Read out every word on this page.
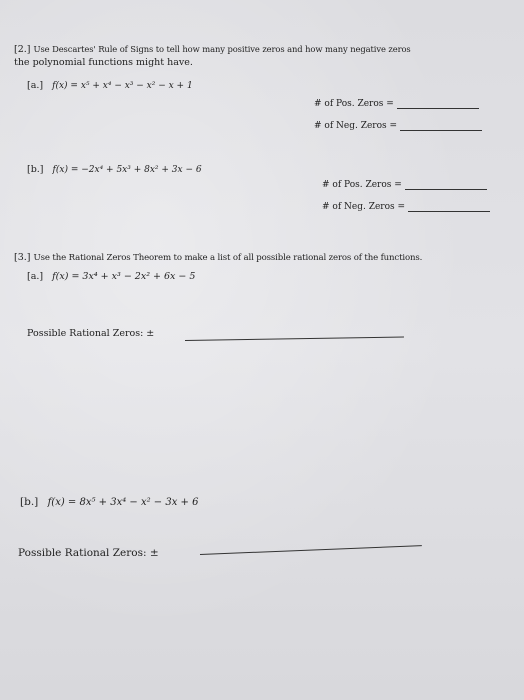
[2.] Use Descartes' Rule of Signs to tell how many positive zeros and how many negative zeros
the polynomial functions might have.
[a.] f(x) = x⁵ + x⁴ − x³ − x² − x + 1
# of Pos. Zeros =
# of Neg. Zeros =
[b.] f(x) = −2x⁴ + 5x³ + 8x² + 3x − 6
# of Pos. Zeros =
# of Neg. Zeros =
[3.] Use the Rational Zeros Theorem to make a list of all possible rational zeros of the functions.
[a.] f(x) = 3x⁴ + x³ − 2x² + 6x − 5
Possible Rational Zeros: ±
[b.] f(x) = 8x⁵ + 3x⁴ − x² − 3x + 6
Possible Rational Zeros: ±
